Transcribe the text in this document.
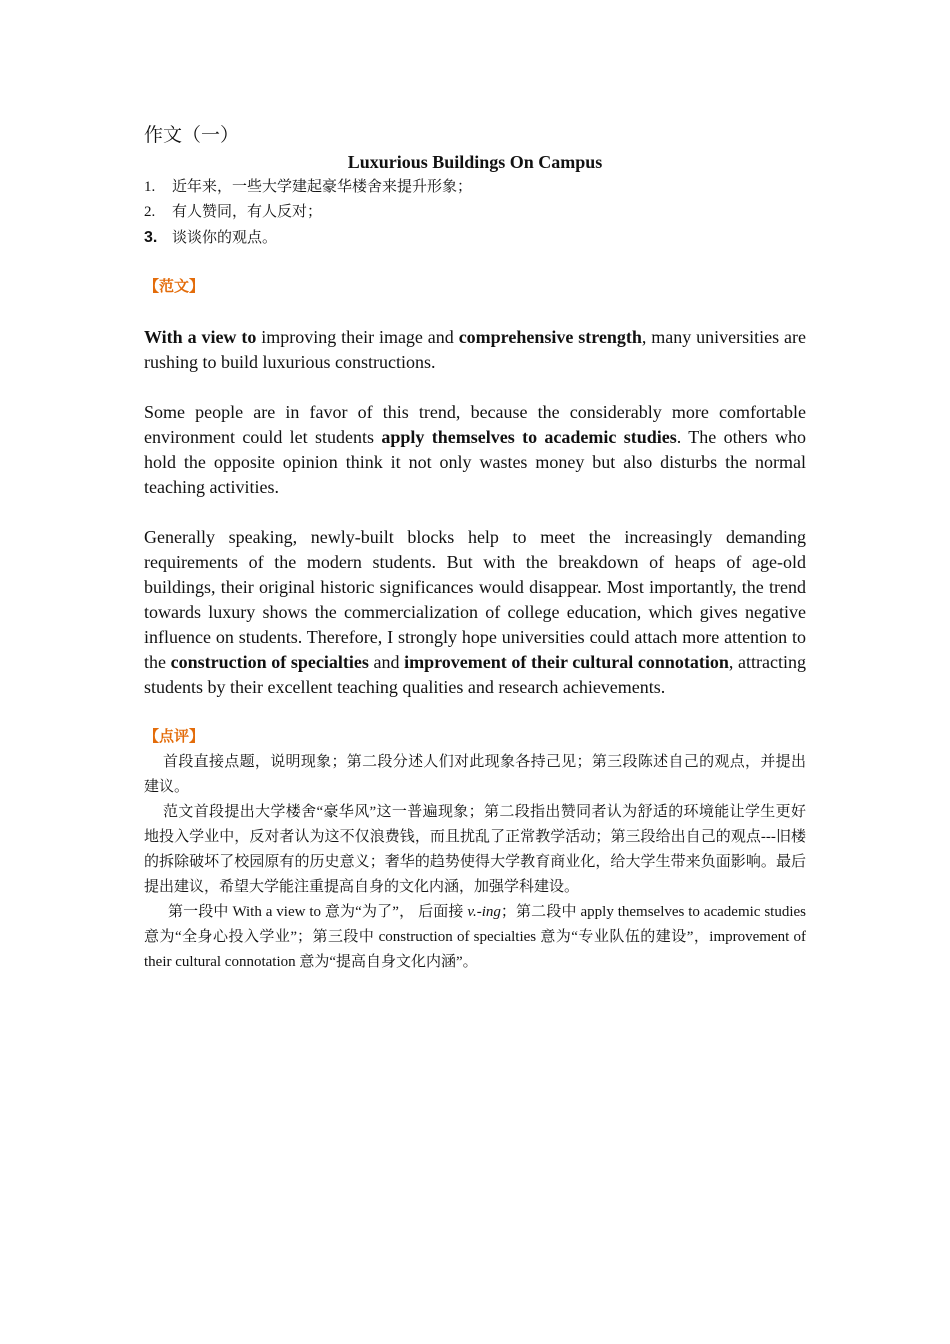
作文（一）
Luxurious Buildings On Campus
1. 近年来，一些大学建起豪华楼舍来提升形象；
2. 有人赞同，有人反对；
3. 谈谈你的观点。
【范文】

With a view to improving their image and comprehensive strength, many universities are rushing to build luxurious constructions.

Some people are in favor of this trend, because the considerably more comfortable environment could let students apply themselves to academic studies. The others who hold the opposite opinion think it not only wastes money but also disturbs the normal teaching activities.

Generally speaking, newly-built blocks help to meet the increasingly demanding requirements of the modern students. But with the breakdown of heaps of age-old buildings, their original historic significances would disappear. Most importantly, the trend towards luxury shows the commercialization of college education, which gives negative influence on students. Therefore, I strongly hope universities could attach more attention to the construction of specialties and improvement of their cultural connotation, attracting students by their excellent teaching qualities and research achievements.

【点评】

首段直接点题，说明现象；第二段分述人们对此现象各持己见；第三段陈述自己的观点，并提出建议。

范文首段提出大学楼舍“豪华风”这一普遍现象；第二段指出赞同者认为舒适的环境能让学生更好地投入学业中，反对者认为这不仅浪费钱，而且扰乱了正常教学活动；第三段给出自己的观点---旧楼的拆除破坏了校园原有的历史意义；奢华的趋势使得大学教育商业化，给大学生带来负面影响。最后提出建议，希望大学能注重提高自身的文化内涵，加强学科建设。

第一段中 With a view to 意为“为了”， 后面接 v.-ing；第二段中 apply themselves to academic studies 意为“全身心投入学业”；第三段中 construction of specialties 意为“专业队伍的建设”，improvement of their cultural connotation 意为“提高自身文化内涵”。
